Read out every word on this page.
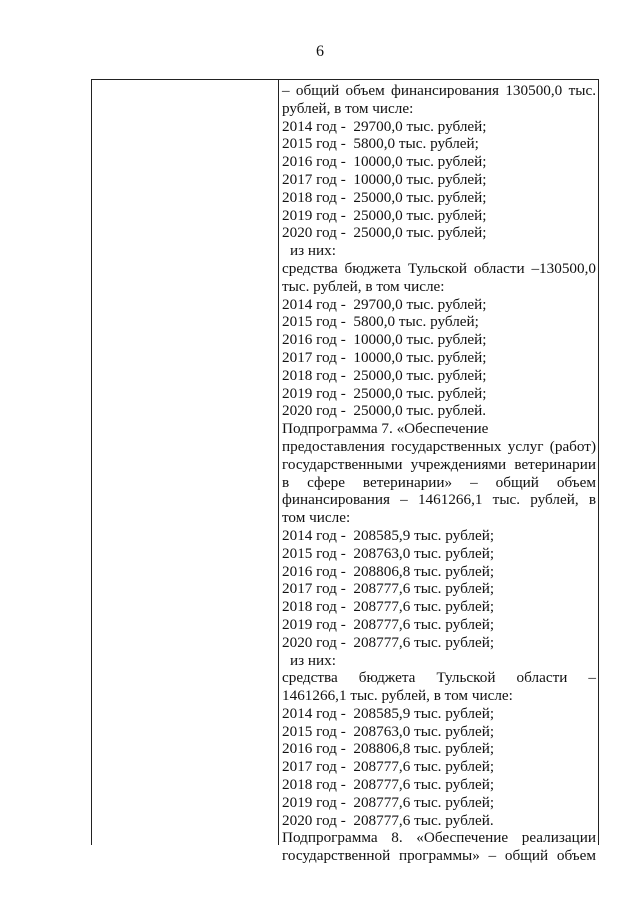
6
– общий объем финансирования 130500,0 тыс.
рублей, в том числе:
2014 год -  29700,0 тыс. рублей;
2015 год -  5800,0 тыс. рублей;
2016 год -  10000,0 тыс. рублей;
2017 год -  10000,0 тыс. рублей;
2018 год -  25000,0 тыс. рублей;
2019 год -  25000,0 тыс. рублей;
2020 год -  25000,0 тыс. рублей;
из них:
средства бюджета Тульской области –130500,0
тыс. рублей, в том числе:
2014 год -  29700,0 тыс. рублей;
2015 год -  5800,0 тыс. рублей;
2016 год -  10000,0 тыс. рублей;
2017 год -  10000,0 тыс. рублей;
2018 год -  25000,0 тыс. рублей;
2019 год -  25000,0 тыс. рублей;
2020 год -  25000,0 тыс. рублей.
Подпрограмма 7. «Обеспечение
предоставления государственных услуг (работ)
государственными учреждениями ветеринарии
в сфере ветеринарии» – общий объем
финансирования – 1461266,1 тыс. рублей, в
том числе:
2014 год -  208585,9 тыс. рублей;
2015 год -  208763,0 тыс. рублей;
2016 год -  208806,8 тыс. рублей;
2017 год -  208777,6 тыс. рублей;
2018 год -  208777,6 тыс. рублей;
2019 год -  208777,6 тыс. рублей;
2020 год -  208777,6 тыс. рублей;
из них:
средства бюджета Тульской области –
1461266,1 тыс. рублей, в том числе:
2014 год -  208585,9 тыс. рублей;
2015 год -  208763,0 тыс. рублей;
2016 год -  208806,8 тыс. рублей;
2017 год -  208777,6 тыс. рублей;
2018 год -  208777,6 тыс. рублей;
2019 год -  208777,6 тыс. рублей;
2020 год -  208777,6 тыс. рублей.
Подпрограмма 8. «Обеспечение реализации
государственной программы» – общий объем
